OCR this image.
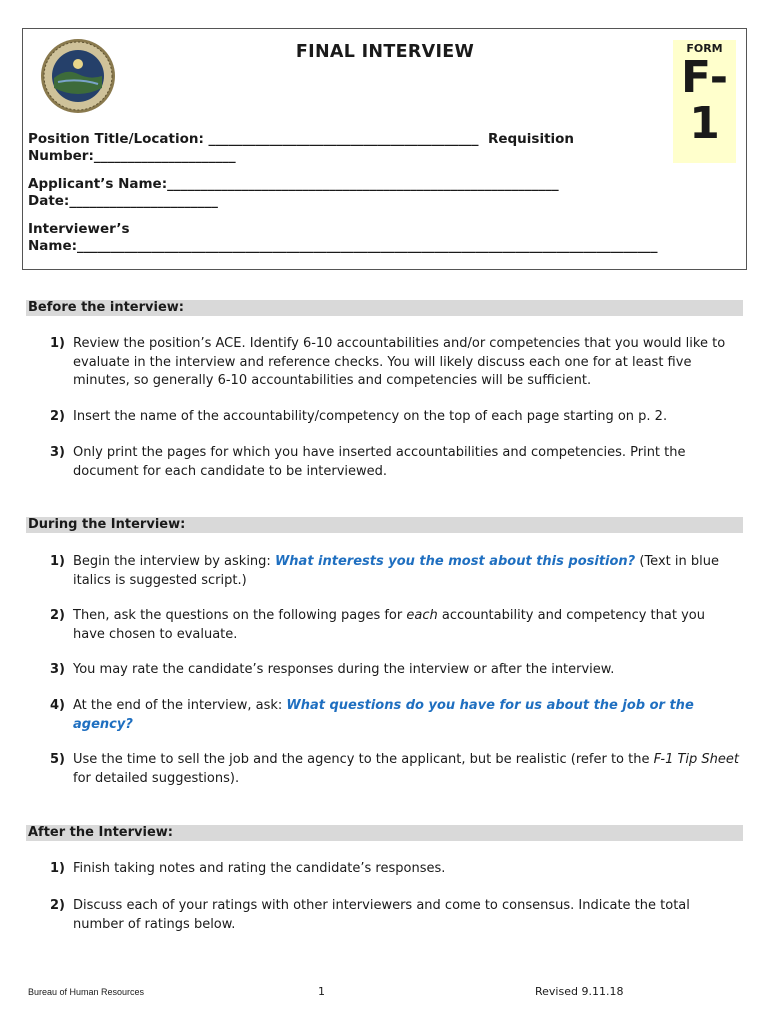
FINAL INTERVIEW	FORM
F-
1
Position Title/Location: ________________________________________  Requisition
Number:_____________________
Applicant’s Name:__________________________________________________________
Date:______________________
Interviewer’s
Name:______________________________________________________________________________________
Before the interview:
1) Review the position’s ACE. Identify 6-10 accountabilities and/or competencies that you would like to evaluate in the interview and reference checks. You will likely discuss each one for at least five minutes, so generally 6-10 accountabilities and competencies will be sufficient.
2) Insert the name of the accountability/competency on the top of each page starting on p. 2.
3) Only print the pages for which you have inserted accountabilities and competencies. Print the document for each candidate to be interviewed.
During the Interview:
1) Begin the interview by asking: What interests you the most about this position? (Text in blue italics is suggested script.)
2) Then, ask the questions on the following pages for each accountability and competency that you have chosen to evaluate.
3) You may rate the candidate’s responses during the interview or after the interview.
4) At the end of the interview, ask: What questions do you have for us about the job or the agency?
5) Use the time to sell the job and the agency to the applicant, but be realistic (refer to the F-1 Tip Sheet for detailed suggestions).
After the Interview:
1) Finish taking notes and rating the candidate’s responses.
2) Discuss each of your ratings with other interviewers and come to consensus. Indicate the total number of ratings below.
Bureau of Human Resources	1	Revised 9.11.18
